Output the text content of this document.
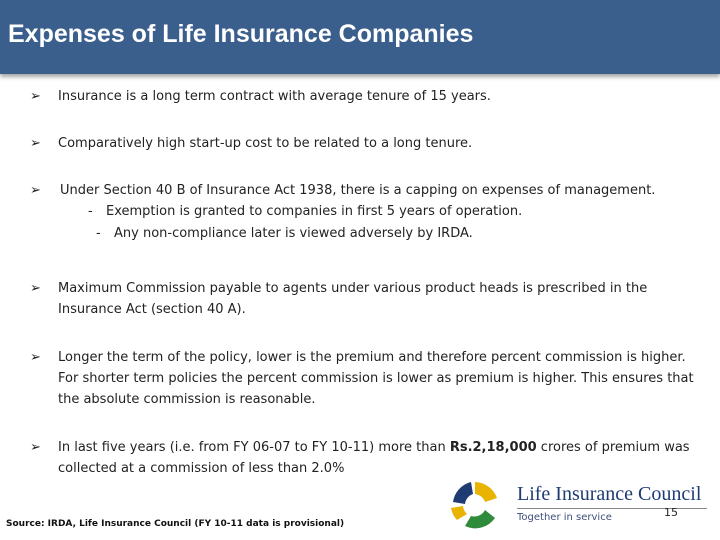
Expenses of Life Insurance Companies
➢	Insurance is a long term contract with average tenure of 15 years.
➢	Comparatively high start-up cost to be related to a long tenure.
➢	Under Section 40 B of Insurance Act 1938, there is a capping on expenses of management.
- Exemption is granted to companies in first 5 years of operation.
- Any non-compliance later is viewed adversely by IRDA.
➢	Maximum Commission payable to agents under various product heads is prescribed in the Insurance Act (section 40 A).
➢	Longer the term of the policy, lower is the premium and therefore percent commission is higher. For shorter term policies the percent commission is lower as premium is higher. This ensures that the absolute commission is reasonable.
➢	In last five years (i.e. from FY 06-07 to FY 10-11) more than Rs.2,18,000 crores of premium was collected at a commission of less than 2.0%
Life Insurance Council
Together in service	15
Source: IRDA, Life Insurance Council (FY 10-11 data is provisional)
